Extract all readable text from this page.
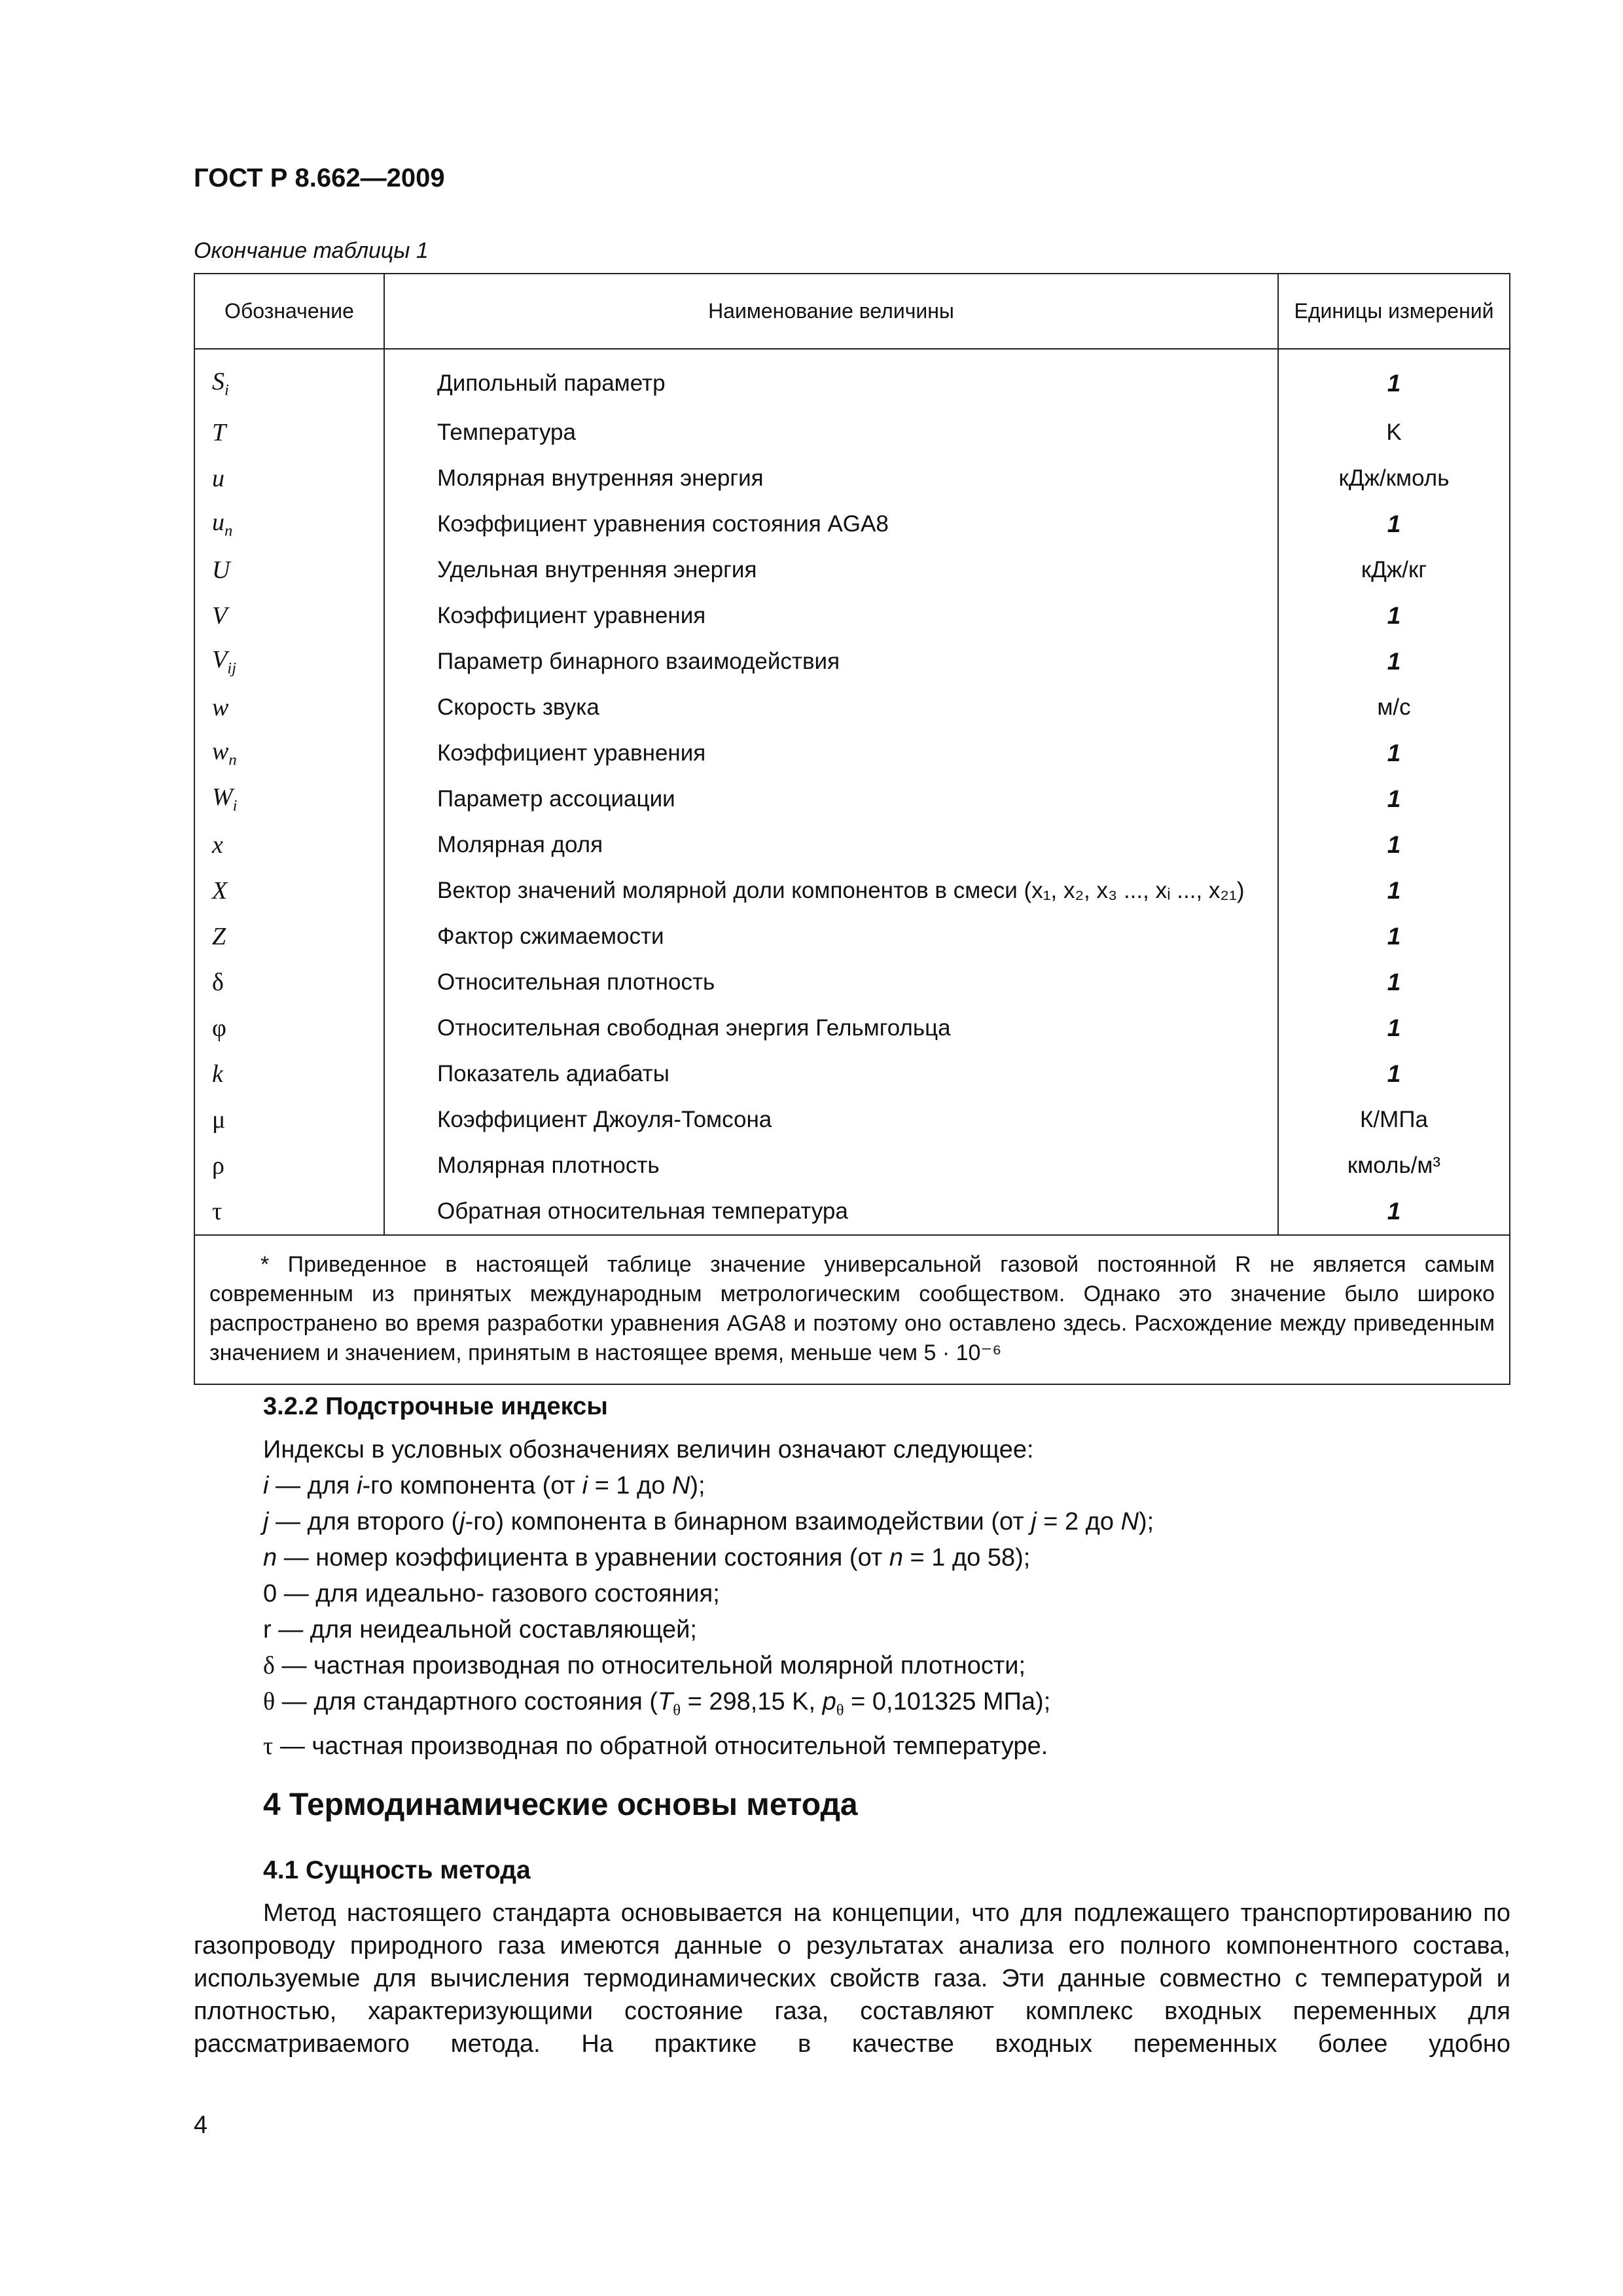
ГОСТ Р 8.662—2009
Окончание таблицы 1
Обозначение	Наименование величины	Единицы измерений
$S_i$	Дипольный параметр	1
T	Температура	K
u	Молярная внутренняя энергия	кДж/кмоль
$u_n$	Коэффициент уравнения состояния AGA8	1
U	Удельная внутренняя энергия	кДж/кг
V	Коэффициент уравнения	1
$V_{ij}$	Параметр бинарного взаимодействия	1
w	Скорость звука	м/с
$w_n$	Коэффициент уравнения	1
$W_i$	Параметр ассоциации	1
x	Молярная доля	1
X	Вектор значений молярной доли компонентов в смеси (x₁, x₂, x₃ ..., xᵢ ..., x₂₁)	1
Z	Фактор сжимаемости	1
δ	Относительная плотность	1
φ	Относительная свободная энергия Гельмгольца	1
k	Показатель адиабаты	1
μ	Коэффициент Джоуля-Томсона	К/МПа
ρ	Молярная плотность	кмоль/м³
τ	Обратная относительная температура	1
* Приведенное в настоящей таблице значение универсальной газовой постоянной R не является самым современным из принятых международным метрологическим сообществом. Однако это значение было широко распространено во время разработки уравнения AGA8 и поэтому оно оставлено здесь. Расхождение между приведенным значением и значением, принятым в настоящее время, меньше чем 5 · 10⁻⁶		
3.2.2 Подстрочные индексы
Индексы в условных обозначениях величин означают следующее:
i — для i-го компонента (от i = 1 до N);
j — для второго (j-го) компонента в бинарном взаимодействии (от j = 2 до N);
n — номер коэффициента в уравнении состояния (от n = 1 до 58);
0 — для идеально- газового состояния;
r — для неидеальной составляющей;
δ — частная производная по относительной молярной плотности;
θ — для стандартного состояния ($T_\theta = 298,15$ K, $p_\theta = 0,101325$ МПа);
τ — частная производная по обратной относительной температуре.
4 Термодинамические основы метода
4.1 Сущность метода
Метод настоящего стандарта основывается на концепции, что для подлежащего транспортированию по газопроводу природного газа имеются данные о результатах анализа его полного компонентного состава, используемые для вычисления термодинамических свойств газа. Эти данные совместно с температурой и плотностью, характеризующими состояние газа, составляют комплекс входных переменных для рассматриваемого метода. На практике в качестве входных переменных более удобно
4
